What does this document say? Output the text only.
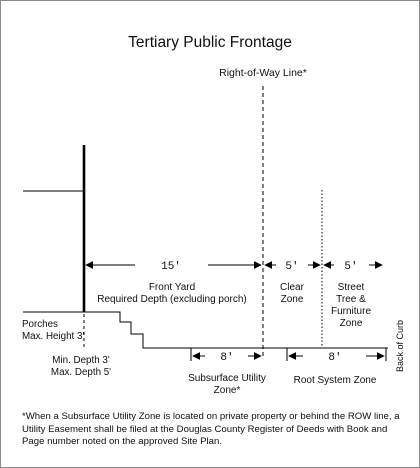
Tertiary Public Frontage
Right-of-Way Line*
15′	5′	5′
Front Yard
Required Depth (excluding porch)
Clear
Zone
Street
Tree &
Furniture
Zone
Porches
Max. Height 3'
Min. Depth 3'
Max. Depth 5'
8′	8′
Subsurface Utility
Zone*
Root System Zone
Back of Curb

*When a Subsurface Utility Zone is located on private property or behind the ROW line, a Utility Easement shall be filed at the Douglas County Register of Deeds with Book and Page number noted on the approved Site Plan.
